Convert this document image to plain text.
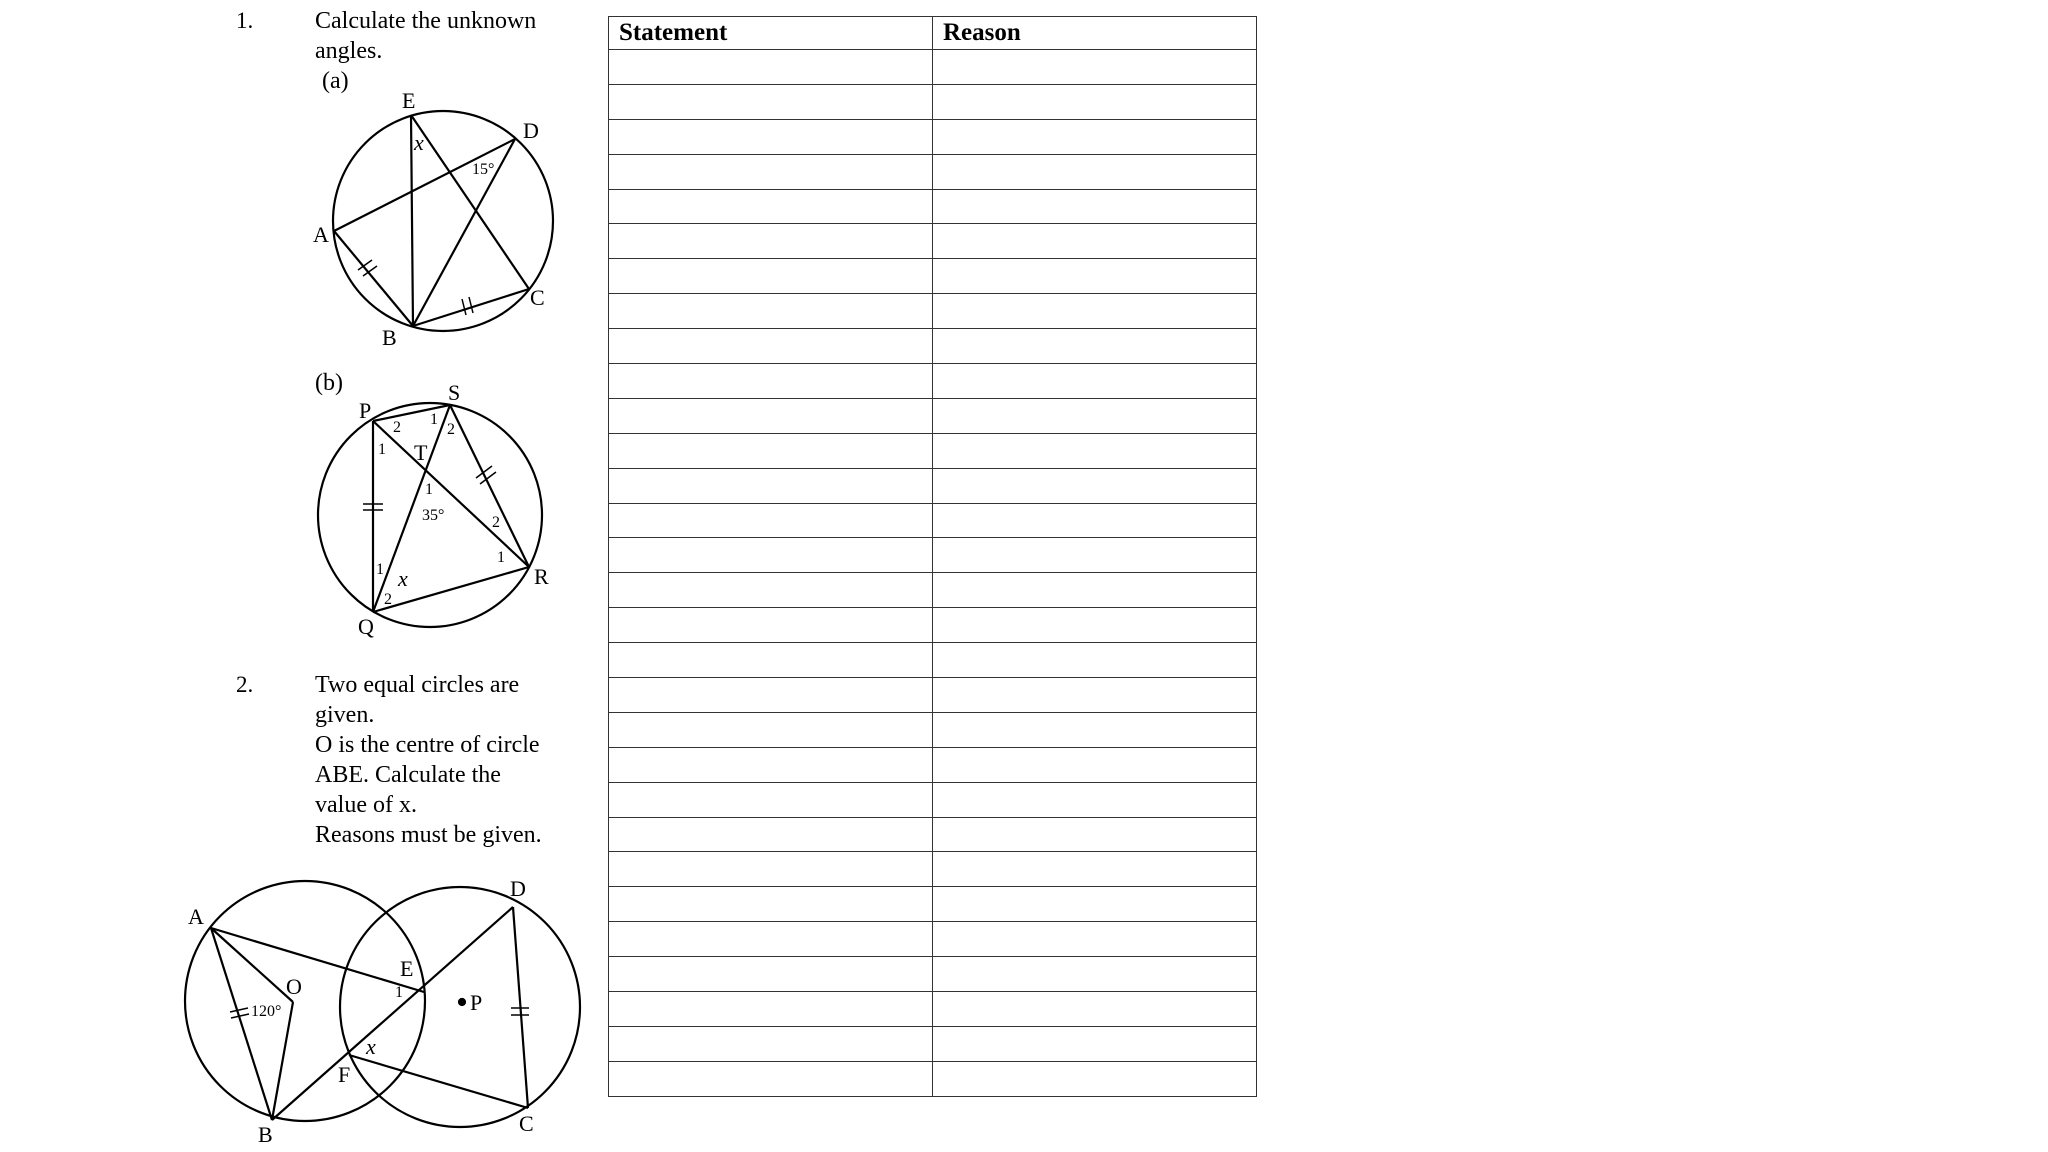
1.	Calculate the unknown
angles.
(a)
(b)
2.	Two equal circles are
given.
O is the centre of circle
ABE. Calculate the
value of x.
Reasons must be given.
E
D
A
B
C
x
15°
P
S
T
Q
R
x
35°
2 1
2
1
1
2
1
1
2
A
O
E
D
P
B
F
C
x
120°
1
Statement	Reason
